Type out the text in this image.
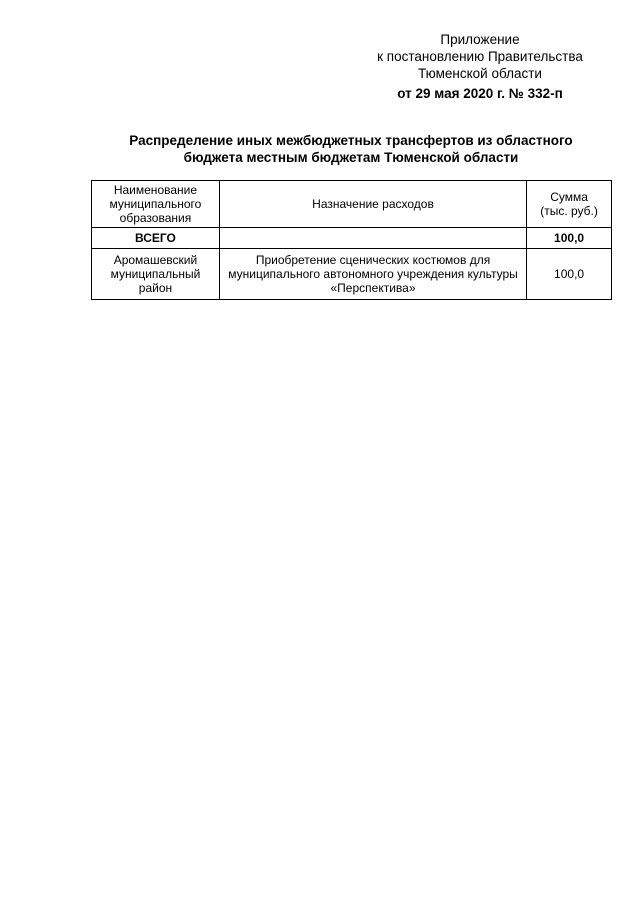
Приложение
к постановлению Правительства
Тюменской области
от 29 мая 2020 г. № 332-п
Распределение иных межбюджетных трансфертов из областного
бюджета местным бюджетам Тюменской области
Наименование муниципального образования	Назначение расходов	Сумма
(тыс. руб.)

ВСЕГО		100,0
Аромашевский муниципальный район	Приобретение сценических костюмов для муниципального автономного учреждения культуры «Перспектива»	100,0
